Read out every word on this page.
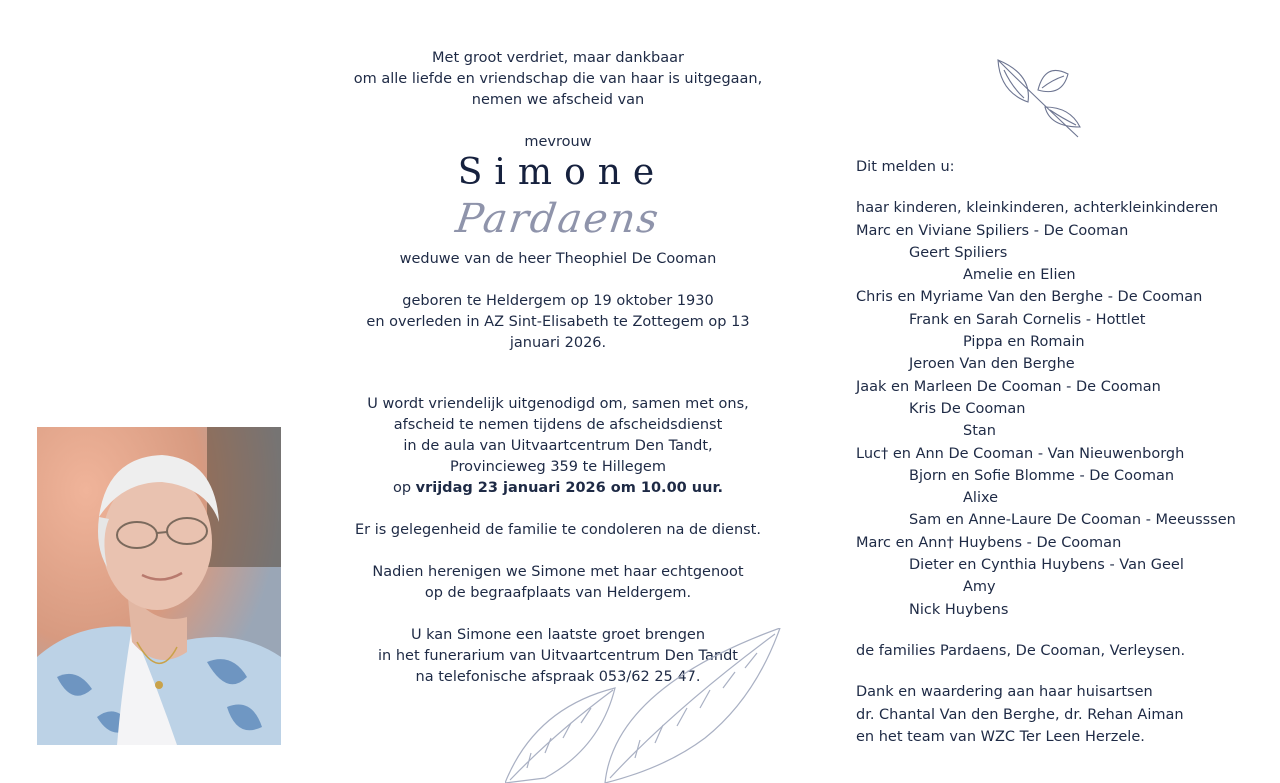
Met groot verdriet, maar dankbaar

om alle liefde en vriendschap die van haar is uitgegaan,

nemen we afscheid van

mevrouw

Simone

Pardaens

weduwe van de heer Theophiel De Cooman

geboren te Heldergem op 19 oktober 1930

en overleden in AZ Sint-Elisabeth te Zottegem op 13 januari 2026.

U wordt vriendelijk uitgenodigd om, samen met ons,

afscheid te nemen tijdens de afscheidsdienst

in de aula van Uitvaartcentrum Den Tandt,

Provincieweg 359 te Hillegem

op vrijdag 23 januari 2026 om 10.00 uur.

Er is gelegenheid de familie te condoleren na de dienst.

Nadien herenigen we Simone met haar echtgenoot

op de begraafplaats van Heldergem.

U kan Simone een laatste groet brengen

in het funerarium van Uitvaartcentrum Den Tandt

na telefonische afspraak 053/62 25 47.

Dit melden u:

haar kinderen, kleinkinderen, achterkleinkinderen

Marc en Viviane Spiliers - De Cooman

Geert Spiliers

Amelie en Elien

Chris en Myriame Van den Berghe - De Cooman

Frank en Sarah Cornelis - Hottlet

Pippa en Romain

Jeroen Van den Berghe

Jaak en Marleen De Cooman - De Cooman

Kris De Cooman

Stan

Luc† en Ann De Cooman - Van Nieuwenborgh

Bjorn en Sofie Blomme - De Cooman

Alixe

Sam en Anne-Laure De Cooman - Meeusssen

Marc en Ann† Huybens - De Cooman

Dieter en Cynthia Huybens - Van Geel

Amy

Nick Huybens

de families Pardaens, De Cooman, Verleysen.

Dank en waardering aan haar huisartsen

dr. Chantal Van den Berghe, dr. Rehan Aiman

en het team van WZC Ter Leen Herzele.
